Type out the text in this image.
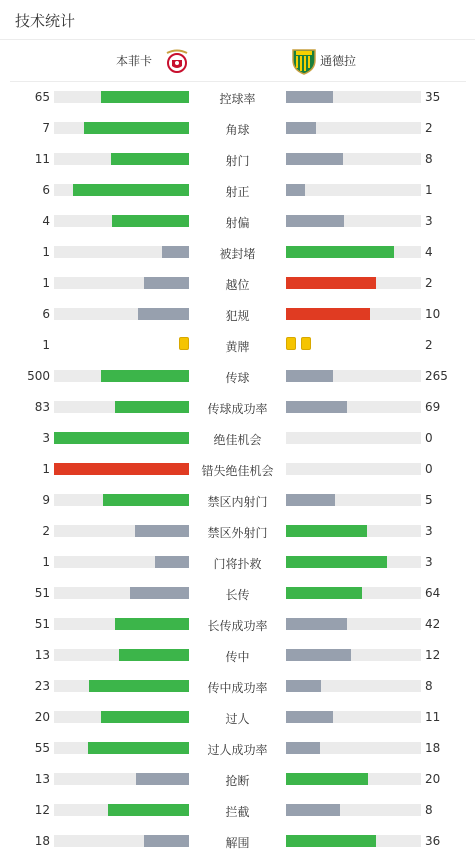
技术统计
本菲卡	通德拉
65	控球率	35
7	角球	2
11	射门	8
6	射正	1
4	射偏	3
1	被封堵	4
1	越位	2
6	犯规	10
1	黄牌	2
500	传球	265
83	传球成功率	69
3	绝佳机会	0
1	错失绝佳机会	0
9	禁区内射门	5
2	禁区外射门	3
1	门将扑救	3
51	长传	64
51	长传成功率	42
13	传中	12
23	传中成功率	8
20	过人	11
55	过人成功率	18
13	抢断	20
12	拦截	8
18	解围	36
